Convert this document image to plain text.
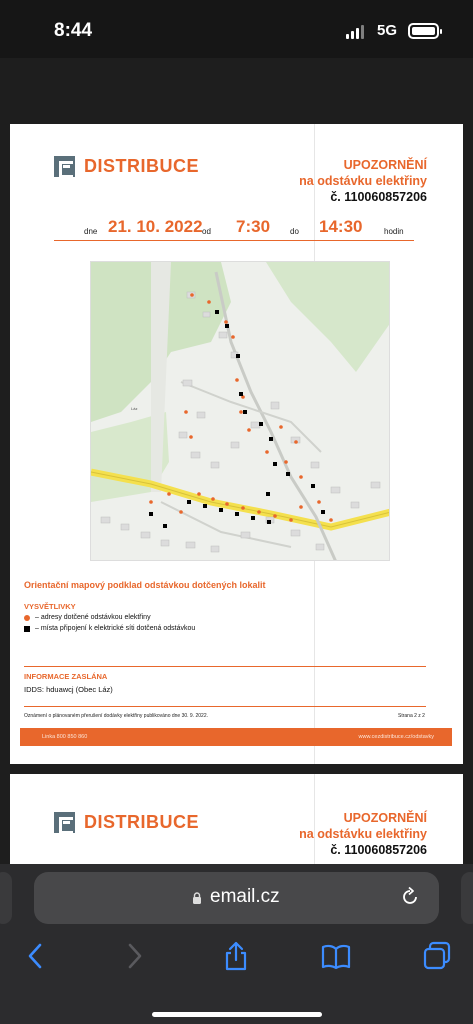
8:44	5G
DISTRIBUCE	UPOZORNĚNÍ
na odstávku elektřiny
č. 110060857206
dne 21. 10. 2022 od 7:30 do 14:30	hodin
Láz
Orientační mapový podklad odstávkou dotčených lokalit
VYSVĚTLIVKY
– adresy dotčené odstávkou elektřiny
– místa připojení k elektrické síti dotčená odstávkou
INFORMACE ZASLÁNA
IDDS: hduawcj (Obec Láz)
Oznámení o plánovaném přerušení dodávky elektřiny publikováno dne 30. 9. 2022.	Strana 2 z 2
Linka 800 850 860	www.cezdistribuce.cz/odstavky
DISTRIBUCE	UPOZORNĚNÍ
na odstávku elektřiny
č. 110060857206
email.cz
